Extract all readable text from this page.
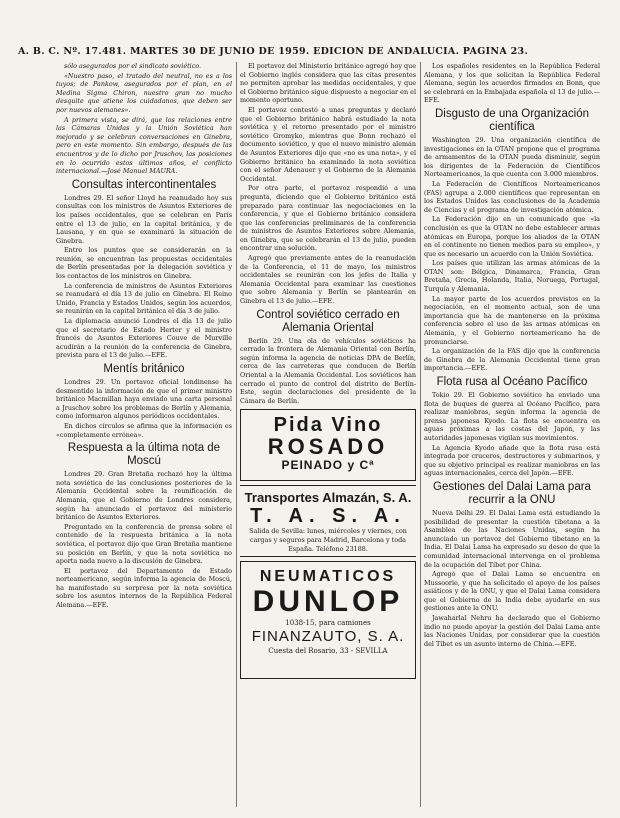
A. B. C. Nº. 17.481. MARTES 30 DE JUNIO DE 1959. EDICION DE ANDALUCIA. PAGINA 23.

sólo asegurados por el sindicato soviético.

«Nuestro paso, el tratado del neutral, no es a los tuyos; de Pankow, asegurados por el plan, en el Medina Sigma Chiron, nuestro gran no mucho desquite que atiene los cuidadanos, que deben ser por nuevos alemanes».

A primera vista, se dirá, que los relaciones entre las Cámaras Unidas y la Unión Soviética han mejorado y se celebran conversaciones en Ginebra, pero en este momento. Sin embargo, después de las encuentros y de lo dicho por Jruschov, las posiciones en lo ocurrido estos últimos años, el conflicto internacional.—José Manuel MAURA.

Consultas intercontinentales

Londres 29. El señor Lloyd ha reanudado hoy sus consultas con los ministros de Asuntos Exteriores de los países occidentales, que se celebran en París entre el 13 de julio, en la capital británica, y de Lausana, y en que se examinará la situación de Ginebra.

Entre los puntos que se considerarán en la reunión, se encuentran las propuestas occidentales de Berlín presentadas por la delegación soviética y los contactos de los ministros en Ginebra.

La conferencia de ministros de Asuntos Exteriores se reanudará el día 13 de julio en Ginebra. El Reino Unido, Francia y Estados Unidos, según los acuerdos, se reunirán en la capital británica el día 3 de julio.

La diplomacia anunció Londres el día 13 de julio que el secretario de Estado Herter y el ministro francés de Asuntos Exteriores Couve de Murville acudirán a la reunión de la conferencia de Ginebra, prevista para el 13 de julio.—EFE.

Mentís británico

Londres 29. Un portavoz oficial londinense ha desmentido la información de que el primer ministro británico Macmillan haya enviado una carta personal a Jruschov sobre los problemas de Berlín y Alemania, como informaron algunos periódicos occidentales.

En dichos círculos se afirma que la información es «completamente errónea».

Respuesta a la última nota de Moscú

Londres 29. Gran Bretaña rechazó hoy la última nota soviética de las conclusiones posteriores de la Alemania Occidental sobre la reunificación de Alemania, que el Gobierno de Londres considera, según ha anunciado el portavoz del ministerio británico de Asuntos Exteriores.

Preguntado en la conferencia de prensa sobre el contenido de la respuesta británica a la nota soviética, el portavoz dijo que Gran Bretaña mantiene su posición en Berlín, y que la nota soviética no aporta nada nuevo a la discusión de Ginebra.

El portavoz del Departamento de Estado norteamericano, según informa la agencia de Moscú, ha manifestado su sorpresa por la nota soviética sobre los asuntos internos de la República Federal Alemana.—EFE.

El portavoz del Ministerio británico agregó hoy que el Gobierno inglés considera que las citas presentes no permiten aprobar las medidas occidentales, y que el Gobierno británico sigue dispuesto a negociar en el momento oportuno.

El portavoz contestó a unas preguntas y declaró que el Gobierno británico habrá estudiado la nota soviética y el retorno presentado por el ministro soviético Gromyko, mientras que Bonn rechazó el documento soviético, y que el nuevo ministro alemán de Asuntos Exteriores dijo que «no es una nota», y el Gobierno británico ha examinado la nota soviética con el señor Adenauer y el Gobierno de la Alemania Occidental.

Por otra parte, el portavoz respondió a una pregunta, diciendo que el Gobierno británico está preparado para continuar las negociaciones en la conferencia, y que el Gobierno británico considera que las conferencias preliminares de la conferencia de ministros de Asuntos Exteriores sobre Alemania, en Ginebra, que se celebrarán el 13 de julio, pueden encontrar una solución.

Agregó que previamente antes de la reanudación de la Conferencia, el 11 de mayo, los ministros occidentales se reunirán con los jefes de Italia y Alemania Occidental para examinar las cuestiones que sobre Alemania y Berlín se plantearán en Ginebra el 13 de julio.—EFE.

Control soviético cerrado en Alemania Oriental

Berlín 29. Una ola de vehículos soviéticos ha cerrado la frontera de Alemania Oriental con Berlín, según informa la agencia de noticias DPA de Berlín, cerca de las carreteras que conducen de Berlín Oriental a la Alemania Occidental. Los soviéticos han cerrado el punto de control del distrito de Berlín-Este, según declaraciones del presidente de la Cámara de Berlín.

Pida Vino
ROSADO
PEINADO y Cª
Transportes Almazán, S. A.
T. A. S. A.
Salida de Sevilla: lunes, miércoles y viernes, con cargas y seguros para Madrid, Barcelona y toda España. Teléfono 23188.
NEUMATICOS
DUNLOP
1038-15, para camiones
FINANZAUTO, S. A.
Cuesta del Rosario, 33 - SEVILLA

Los españoles residentes en la República Federal Alemana, y los que solicitan la República Federal Alemana, según los acuerdos firmados en Bonn, que se celebrará en la Embajada española el 13 de julio.—EFE.

Disgusto de una Organización científica

Washington 29. Una organización científica de investigaciones en la OTAN propone que el programa de armamentos de la OTAN pueda disminuir, según los dirigentes de la Federación de Científicos Norteamericanos, la que cuenta con 3.000 miembros.

La Federación de Científicos Norteamericanos (FAS) agrupa a 2.000 científicos que representan en los Estados Unidos las conclusiones de la Academia de Ciencias y el programa de investigación atómica.

La Federación dijo en un comunicado que «la conclusión es que la OTAN no debe establecer armas atómicas en Europa, porque los aliados de la OTAN en el continente no tienen medios para su empleo», y que es necesario un acuerdo con la Unión Soviética.

Los países que utilizan las armas atómicas de la OTAN son: Bélgica, Dinamarca, Francia, Gran Bretaña, Grecia, Holanda, Italia, Noruega, Portugal, Turquía y Alemania.

La mayor parte de los acuerdos previstos en la negociación, en el momento actual, son de una importancia que ha de mantenerse en la próxima conferencia sobre el uso de las armas atómicas en Alemania, y el Gobierno norteamericano ha de pronunciarse.

La organización de la FAS dijo que la conferencia de Ginebra de la Alemania Occidental tiene gran importancia.—EFE.

Flota rusa al Océano Pacífico

Tokio 29. El Gobierno soviético ha enviado una flota de buques de guerra al Océano Pacífico, para realizar maniobras, según informa la agencia de prensa japonesa Kyodo. La flota se encuentra en aguas próximas a las costas del Japón, y las autoridades japonesas vigilan sus movimientos.

La Agencia Kyodo añade que la flota rusa está integrada por cruceros, destructores y submarinos, y que su objetivo principal es realizar maniobras en las aguas internacionales, cerca del Japón.—EFE.

Gestiones del Dalai Lama para recurrir a la ONU

Nueva Delhi 29. El Dalai Lama está estudiando la posibilidad de presentar la cuestión tibetana a la Asamblea de las Naciones Unidas, según ha anunciado un portavoz del Gobierno tibetano en la India. El Dalai Lama ha expresado su deseo de que la comunidad internacional intervenga en el problema de la ocupación del Tíbet por China.

Agregó que el Dalai Lama se encuentra en Mussoorie, y que ha solicitado el apoyo de los países asiáticos y de la ONU, y que el Dalai Lama considera que el Gobierno de la India debe ayudarle en sus gestiones ante la ONU.

Jawaharlal Nehru ha declarado que el Gobierno indio no puede apoyar la gestión del Dalai Lama ante las Naciones Unidas, por considerar que la cuestión del Tíbet es un asunto interno de China.—EFE.
